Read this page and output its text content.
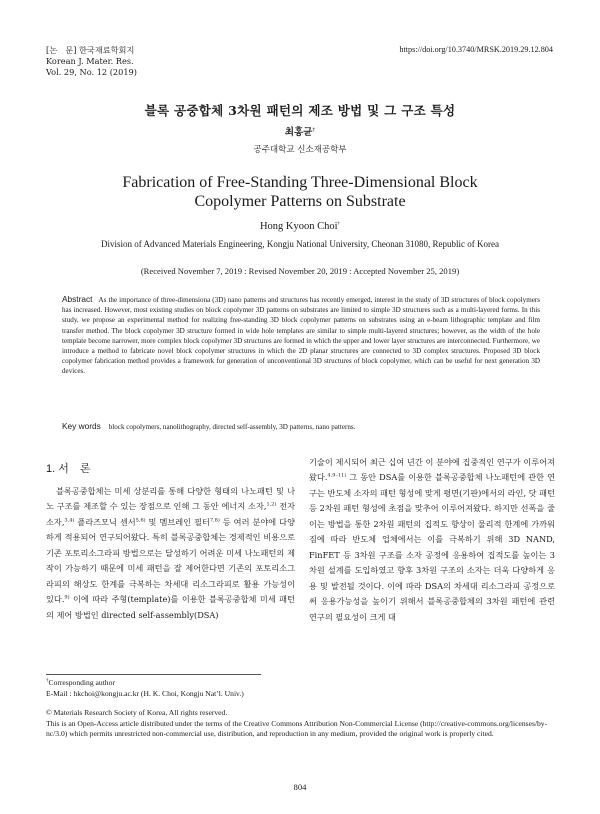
[논　문] 한국재료학회지
Korean J. Mater. Res.
Vol. 29, No. 12 (2019)
https://doi.org/10.3740/MRSK.2019.29.12.804
블록 공중합체 3차원 패턴의 제조 방법 및 그 구조 특성
최홍균†
공주대학교 신소재공학부
Fabrication of Free-Standing Three-Dimensional Block
Copolymer Patterns on Substrate
Hong Kyoon Choi†
Division of Advanced Materials Engineering, Kongju National University, Cheonan 31080, Republic of Korea
(Received November 7, 2019 : Revised November 20, 2019 : Accepted November 25, 2019)
Abstract As the importance of three-dimensiona (3D) nano patterns and structures has recently emerged, interest in the study of 3D structures of block copolymers has increased. However, most existing studies on block copolymer 3D patterns on substrates are limited to simple 3D structures such as a multi-layered forms. In this study, we propose an experimental method for realizing free-standing 3D block copolymer patterns on substrates using an e-beam lithographic template and film transfer method. The block copolymer 3D structure formed in wide hole templates are similar to simple multi-layered structures; however, as the width of the hole template become narrower, more complex block copolymer 3D structures are formed in which the upper and lower layer structures are interconnected. Furthermore, we introduce a method to fabricate novel block copolymer structures in which the 2D planar structures are connected to 3D complex structures. Proposed 3D block copolymer fabrication method provides a framework for generation of unconventional 3D structures of block copolymer, which can be useful for next generation 3D devices.
Key words block copolymers, nanolithography, directed self-assembly, 3D patterns, nano patterns.
1. 서　론

블록공중합체는 미세 상분리를 통해 다양한 형태의 나노패턴 및 나노 구조를 제조할 수 있는 장점으로 인해 그 동안 에너지 소자,$^{1,2)}$ 전자 소자,$^{3,4)}$ 플라즈모닉 센서$^{5,6)}$ 및 멤브레인 필터$^{7,8)}$ 등 여러 분야에 다양하게 적용되어 연구되어왔다. 특히 블록공중합체는 경제적인 비용으로 기존 포토리소그라피 방법으로는 달성하기 어려운 미세 나노패턴의 제작이 가능하기 때문에 미세 패턴을 잘 제어한다면 기존의 포토리소그라피의 해상도 한계를 극복하는 차세대 리소그라피로 활용 가능성이 있다.$^{9)}$ 이에 따라 주형(template)를 이용한 블록공중합체 미세 패턴의 제어 방법인 directed self-assembly(DSA)

기술이 제시되어 최근 십여 년간 이 분야에 집중적인 연구가 이루어져왔다.$^{4,9-11)}$ 그 동안 DSA를 이용한 블록공중합체 나노패턴에 관한 연구는 반도체 소자의 패턴 형성에 맞게 평면(기판)에서의 라인, 닷 패턴 등 2차원 패턴 형성에 초점을 맞추어 이루어져왔다. 하지만 선폭을 줄이는 방법을 통한 2차원 패턴의 집적도 향상이 물리적 한계에 가까워짐에 따라 반도체 업체에서는 이를 극복하기 위해 3D NAND, FinFET 등 3차원 구조를 소자 공정에 응용하여 집적도를 높이는 3차원 설계를 도입하였고 향후 3차원 구조의 소자는 더욱 다양하게 응용 및 발전될 것이다. 이에 따라 DSA의 차세대 리소그라피 공정으로써 응용가능성을 높이기 위해서 블록공중합체의 3차원 패턴에 관련 연구의 필요성이 크게 대

†Corresponding author
E-Mail : hkchoi@kongju.ac.kr (H. K. Choi, Kongju Nat’l. Univ.)
© Materials Research Society of Korea, All rights reserved.
This is an Open-Access article distributed under the terms of the Creative Commons Attribution Non-Commercial License (http://creative-commons.org/licenses/by-nc/3.0) which permits unrestricted non-commercial use, distribution, and reproduction in any medium, provided the original work is properly cited.
804
